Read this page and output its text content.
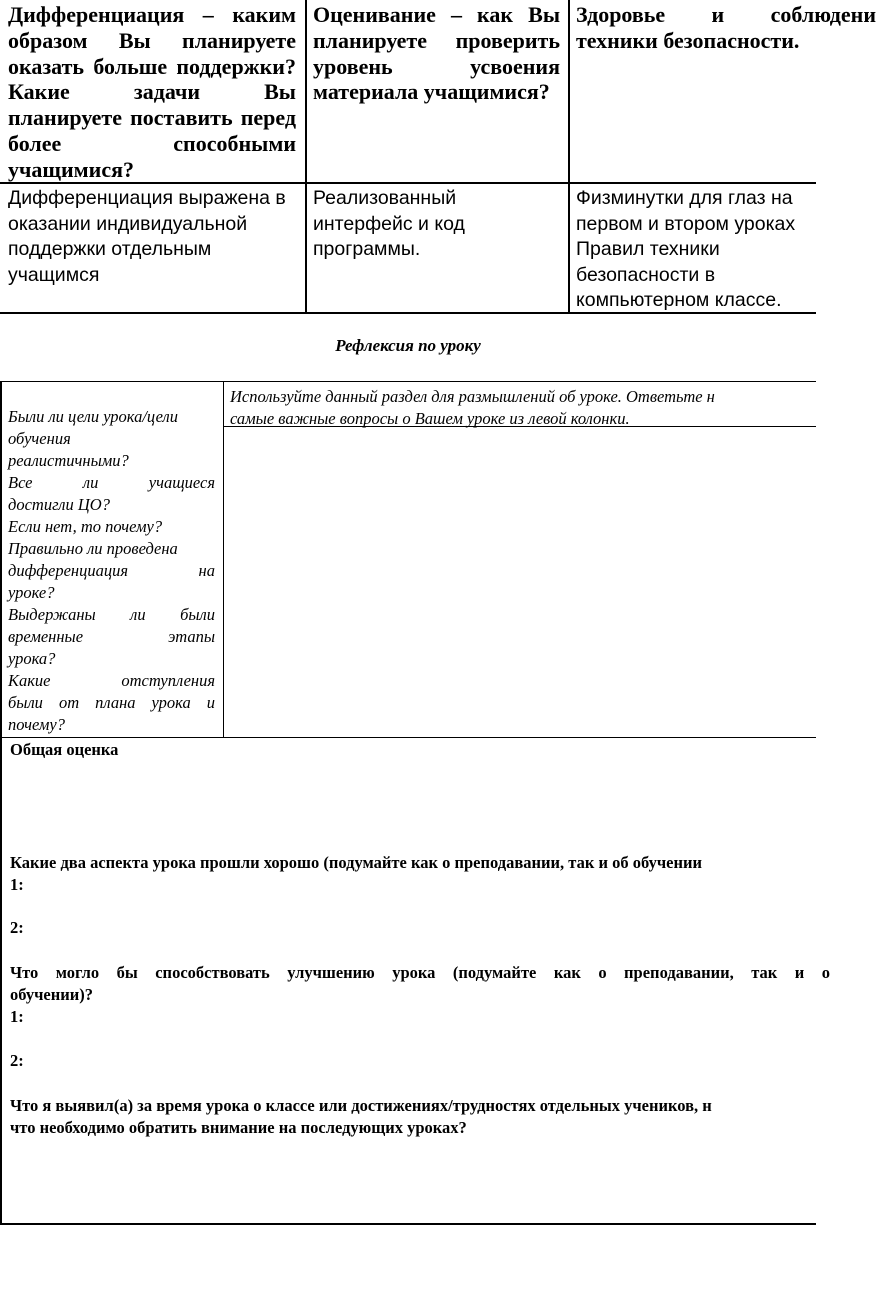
Дифференциация – каким образом Вы планируете оказать больше поддержки? Какие задачи Вы планируете поставить перед более способными учащимися?
Оценивание – как Вы планируете проверить уровень усвоения материала учащимися?
Здоровье и соблюдени техники безопасности.
Дифференциация выражена в оказании индивидуальной поддержки отдельным учащимся
Реализованный интерфейс и код программы.
Физминутки для глаз на первом и втором уроках Правил техники безопасности в компьютерном классе.
Рефлексия по уроку
Используйте данный раздел для размышлений об уроке. Ответьте н
самые важные вопросы о Вашем уроке из левой колонки.
Были ли цели урока/цели
обучения
реалистичными?
Все ли учащиеся
достигли ЦО?
Если нет, то почему?
Правильно ли проведена
дифференциация на
уроке?
Выдержаны ли были
временные этапы
урока?
Какие отступления
были от плана урока и
почему?
Общая оценка
Какие два аспекта урока прошли хорошо (подумайте как о преподавании, так и об обучении
1:
2:
Что могло бы способствовать улучшению урока (подумайте как о преподавании, так и о
обучении)?
1:
2:
Что я выявил(а) за время урока о классе или достижениях/трудностях отдельных учеников, н
что необходимо обратить внимание на последующих уроках?
